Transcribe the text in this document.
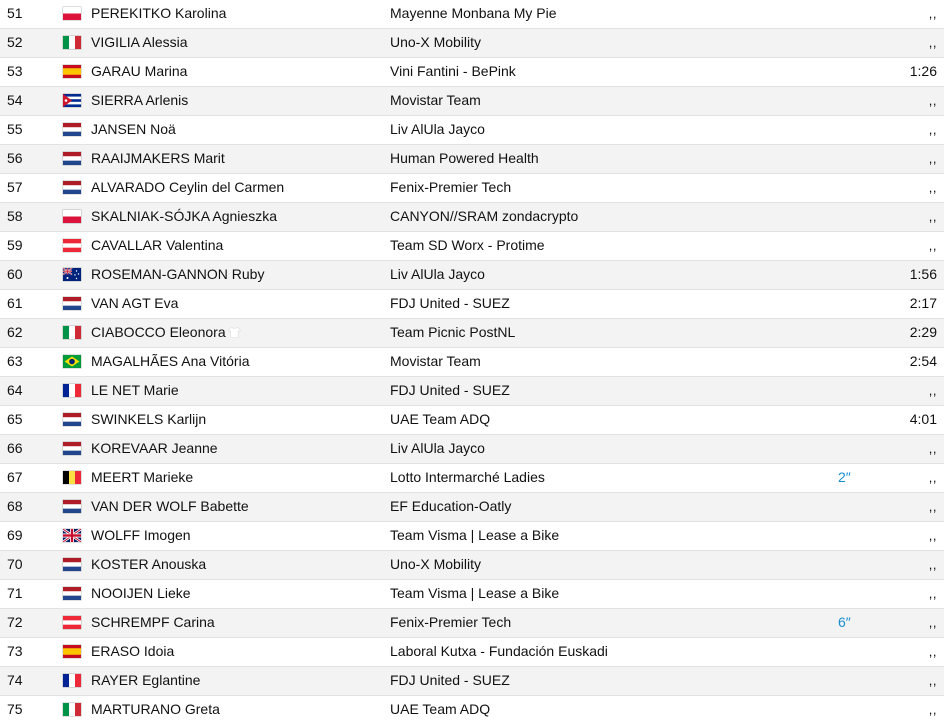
51	PEREKITKO Karolina	Mayenne Monbana My Pie	,,
52	VIGILIA Alessia	Uno-X Mobility	,,
53	GARAU Marina	Vini Fantini - BePink	1:26
54	SIERRA Arlenis	Movistar Team	,,
55	JANSEN Noä	Liv AlUla Jayco	,,
56	RAAIJMAKERS Marit	Human Powered Health	,,
57	ALVARADO Ceylin del Carmen	Fenix-Premier Tech	,,
58	SKALNIAK-SÓJKA Agnieszka	CANYON//SRAM zondacrypto	,,
59	CAVALLAR Valentina	Team SD Worx - Protime	,,
60	ROSEMAN-GANNON Ruby	Liv AlUla Jayco	1:56
61	VAN AGT Eva	FDJ United - SUEZ	2:17
62	CIABOCCO Eleonora	Team Picnic PostNL	2:29
63	MAGALHÃES Ana Vitória	Movistar Team	2:54
64	LE NET Marie	FDJ United - SUEZ	,,
65	SWINKELS Karlijn	UAE Team ADQ	4:01
66	KOREVAAR Jeanne	Liv AlUla Jayco	,,
67	MEERT Marieke	Lotto Intermarché Ladies	2″	,,
68	VAN DER WOLF Babette	EF Education-Oatly	,,
69	WOLFF Imogen	Team Visma | Lease a Bike	,,
70	KOSTER Anouska	Uno-X Mobility	,,
71	NOOIJEN Lieke	Team Visma | Lease a Bike	,,
72	SCHREMPF Carina	Fenix-Premier Tech	6″	,,
73	ERASO Idoia	Laboral Kutxa - Fundación Euskadi	,,
74	RAYER Eglantine	FDJ United - SUEZ	,,
75	MARTURANO Greta	UAE Team ADQ	,,
